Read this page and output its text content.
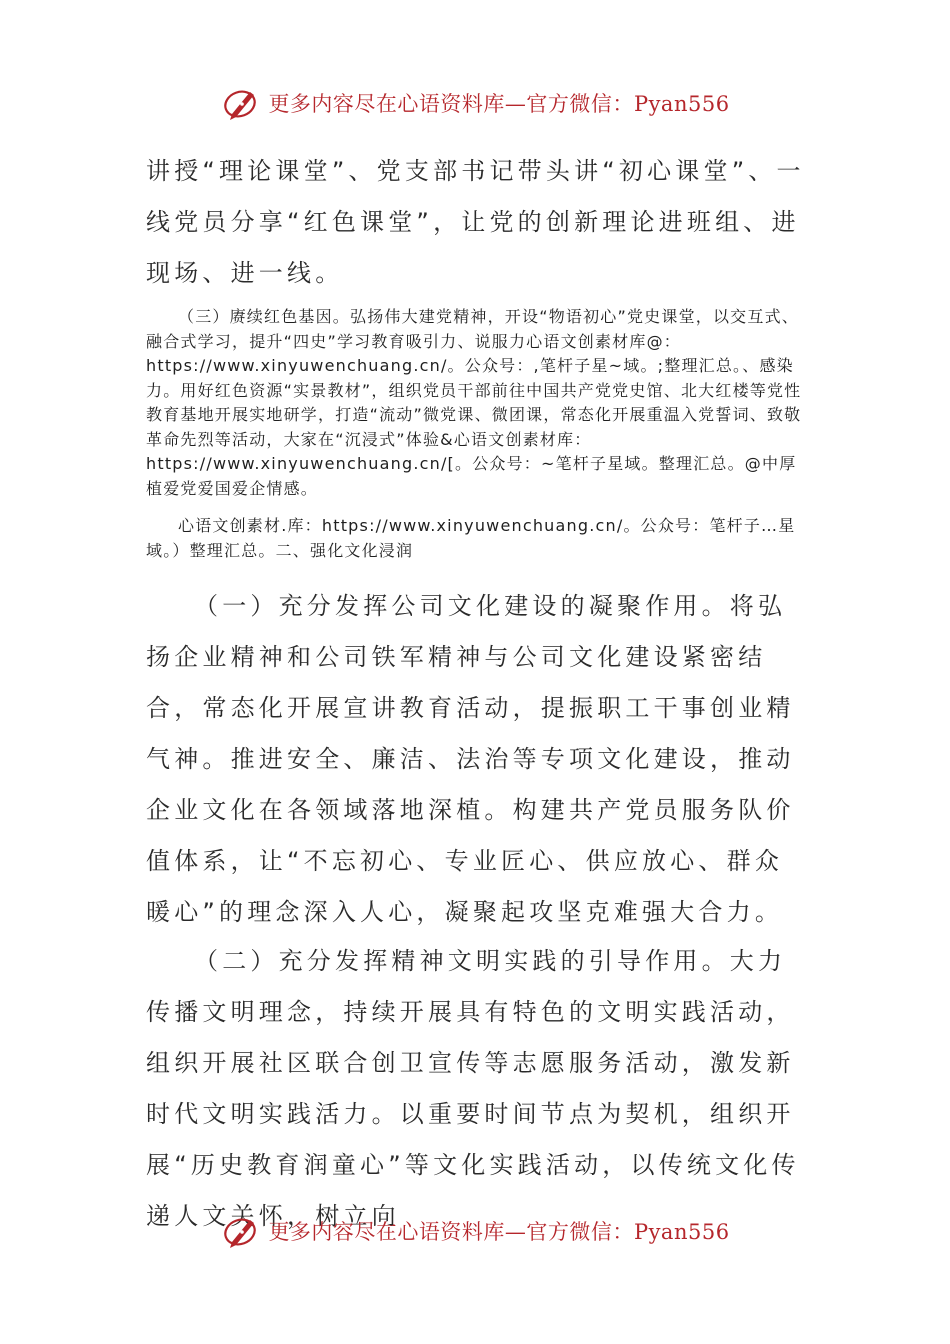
更多内容尽在心语资料库—官方微信：Pyan556

讲授“理论课堂”、党支部书记带头讲“初心课堂”、一线党员分享“红色课堂”，让党的创新理论进班组、进现场、进一线。

（三）赓续红色基因。弘扬伟大建党精神，开设“物语初心”党史课堂，以交互式、融合式学习，提升“四史”学习教育吸引力、说服力心语文创素材库@：https://www.xinyuwenchuang.cn/。公众号：,笔杆子星~域。;整理汇总。、感染力。用好红色资源“实景教材”，组织党员干部前往中国共产党党史馆、北大红楼等党性教育基地开展实地研学，打造“流动”微党课、微团课，常态化开展重温入党誓词、致敬革命先烈等活动，大家在“沉浸式”体验&心语文创素材库：https://www.xinyuwenchuang.cn/[。公众号：~笔杆子星域。整理汇总。@中厚植爱党爱国爱企情感。

心语文创素材.库：https://www.xinyuwenchuang.cn/。公众号：笔杆子…星域。）整理汇总。二、强化文化浸润

（一）充分发挥公司文化建设的凝聚作用。将弘扬企业精神和公司铁军精神与公司文化建设紧密结合，常态化开展宣讲教育活动，提振职工干事创业精气神。推进安全、廉洁、法治等专项文化建设，推动企业文化在各领域落地深植。构建共产党员服务队价值体系，让“不忘初心、专业匠心、供应放心、群众暖心”的理念深入人心，凝聚起攻坚克难强大合力。

（二）充分发挥精神文明实践的引导作用。大力传播文明理念，持续开展具有特色的文明实践活动，组织开展社区联合创卫宣传等志愿服务活动，激发新时代文明实践活力。以重要时间节点为契机，组织开展“历史教育润童心”等文化实践活动，以传统文化传递人文关怀，树立向

更多内容尽在心语资料库—官方微信：Pyan556
